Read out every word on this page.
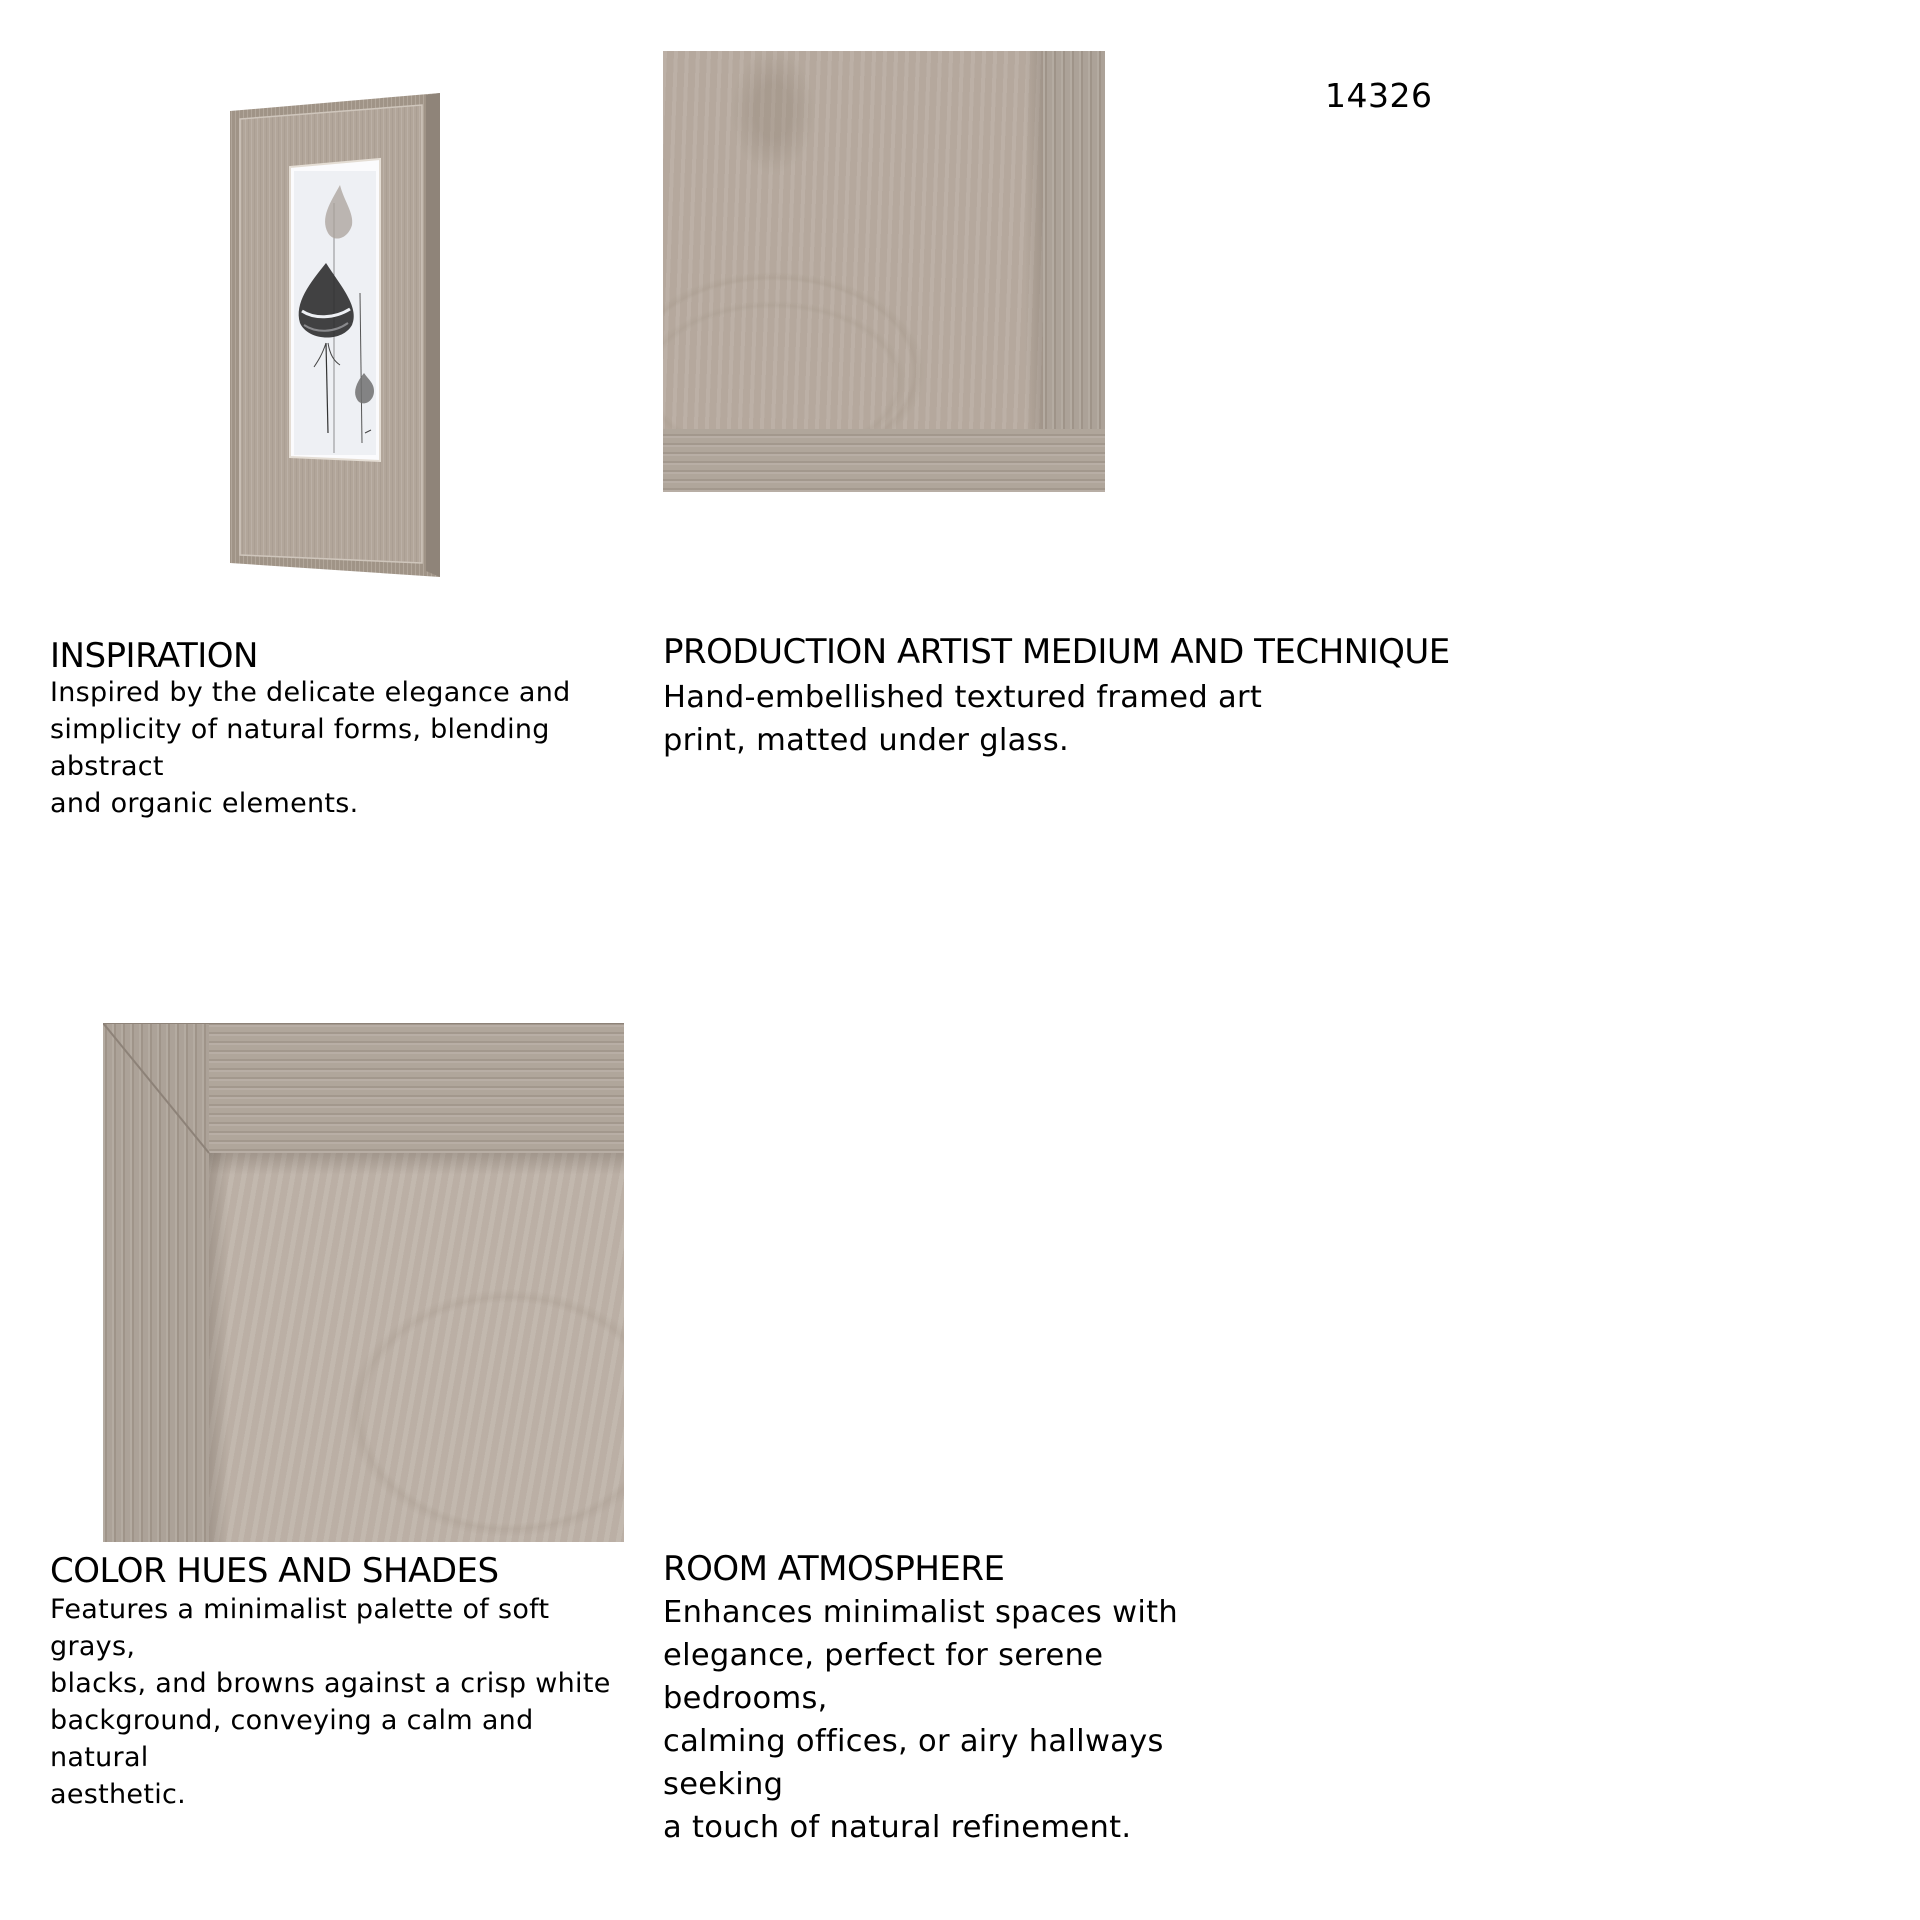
14326
INSPIRATION
Inspired by the delicate elegance and
simplicity of natural forms, blending abstract
and organic elements.
PRODUCTION ARTIST MEDIUM AND TECHNIQUE
Hand-embellished textured framed art
print, matted under glass.
COLOR HUES AND SHADES
Features a minimalist palette of soft grays,
blacks, and browns against a crisp white
background, conveying a calm and natural
aesthetic.
ROOM ATMOSPHERE
Enhances minimalist spaces with
elegance, perfect for serene bedrooms,
calming offices, or airy hallways seeking
a touch of natural refinement.
